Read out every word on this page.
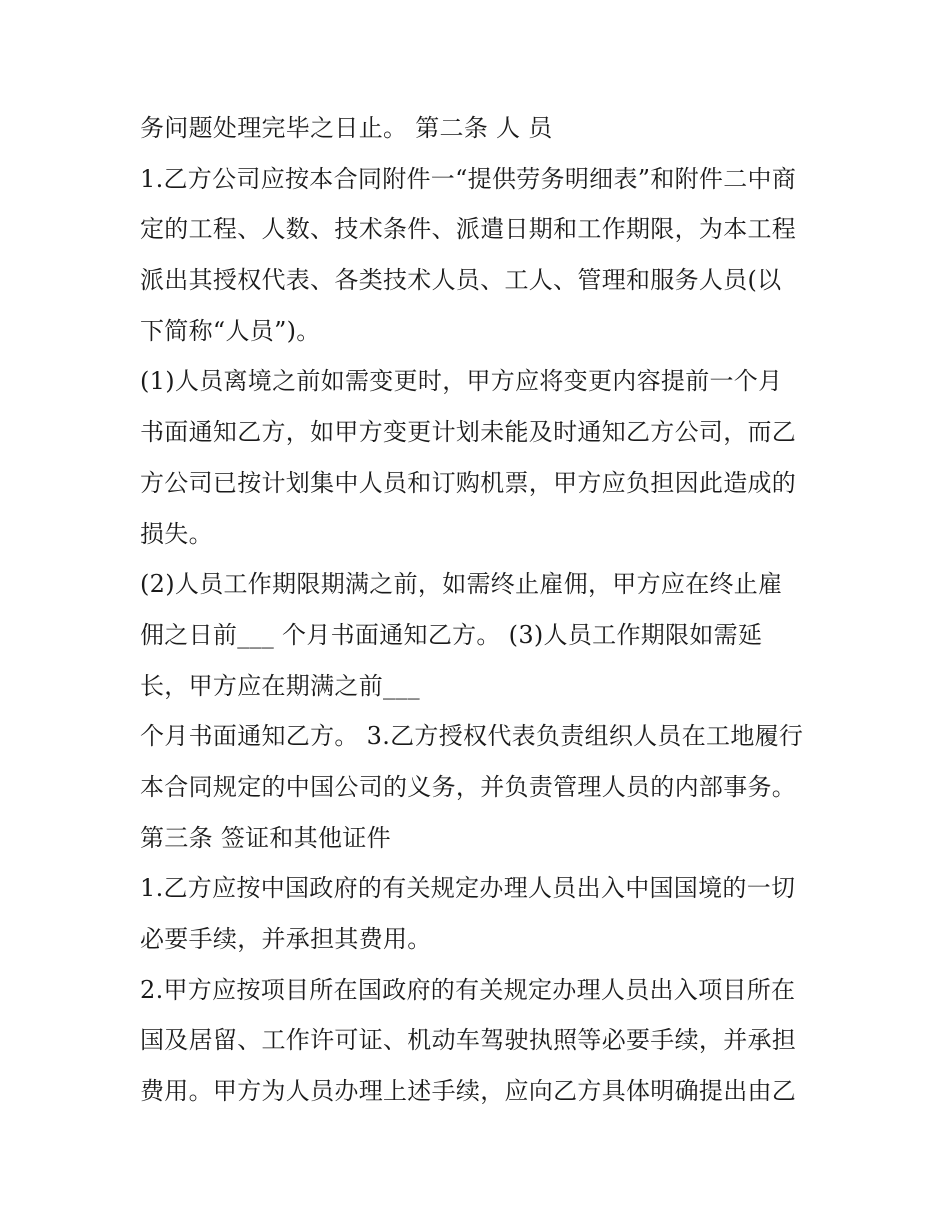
务问题处理完毕之日止。 第二条 人 员
1.乙方公司应按本合同附件一“提供劳务明细表”和附件二中商
定的工程、人数、技术条件、派遣日期和工作期限，为本工程
派出其授权代表、各类技术人员、工人、管理和服务人员(以
下简称“人员”)。
(1)人员离境之前如需变更时，甲方应将变更内容提前一个月
书面通知乙方，如甲方变更计划未能及时通知乙方公司，而乙
方公司已按计划集中人员和订购机票，甲方应负担因此造成的
损失。
(2)人员工作期限期满之前，如需终止雇佣，甲方应在终止雇
佣之日前___ 个月书面通知乙方。 (3)人员工作期限如需延
长，甲方应在期满之前___
个月书面通知乙方。 3.乙方授权代表负责组织人员在工地履行
本合同规定的中国公司的义务，并负责管理人员的内部事务。
第三条 签证和其他证件
1.乙方应按中国政府的有关规定办理人员出入中国国境的一切
必要手续，并承担其费用。
2.甲方应按项目所在国政府的有关规定办理人员出入项目所在
国及居留、工作许可证、机动车驾驶执照等必要手续，并承担
费用。甲方为人员办理上述手续，应向乙方具体明确提出由乙
